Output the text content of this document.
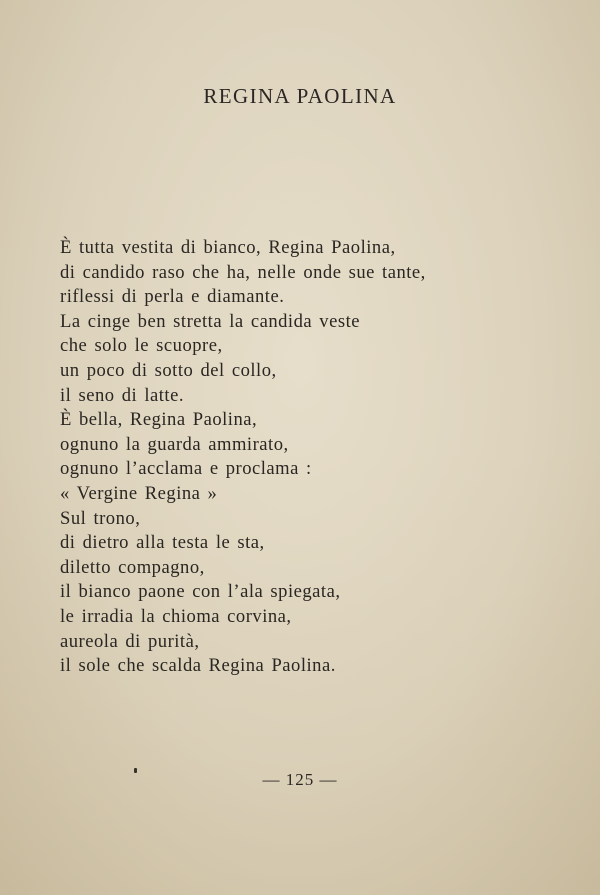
REGINA PAOLINA
È tutta vestita di bianco, Regina Paolina,
di candido raso che ha, nelle onde sue tante,
riflessi di perla e diamante.
La cinge ben stretta la candida veste
che solo le scuopre,
un poco di sotto del collo,
il seno di latte.
È bella, Regina Paolina,
ognuno la guarda ammirato,
ognuno l’acclama e proclama :
« Vergine Regina »
Sul trono,
di dietro alla testa le sta,
diletto compagno,
il bianco paone con l’ala spiegata,
le irradia la chioma corvina,
aureola di purità,
il sole che scalda Regina Paolina.
— 125 —
